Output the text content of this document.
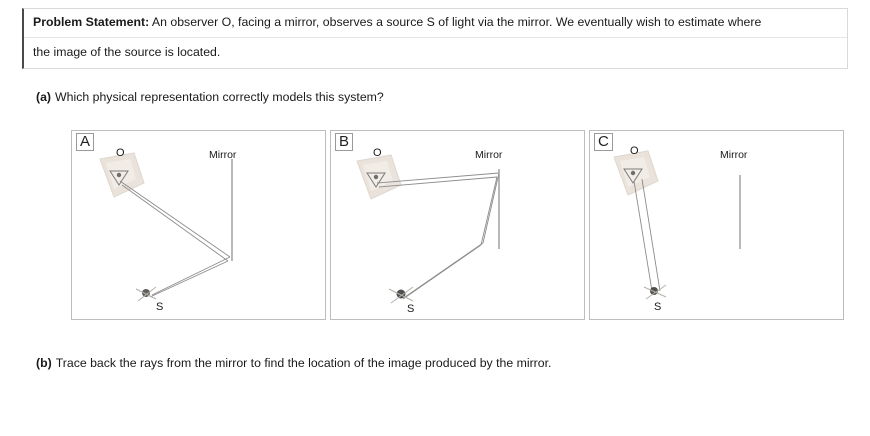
Problem Statement: An observer O, facing a mirror, observes a source S of light via the mirror. We eventually wish to estimate where
the image of the source is located.
(a) Which physical representation correctly models this system?
A
O	Mirror
S
B
O	Mirror
S
C
O	Mirror
S
(b) Trace back the rays from the mirror to find the location of the image produced by the mirror.
